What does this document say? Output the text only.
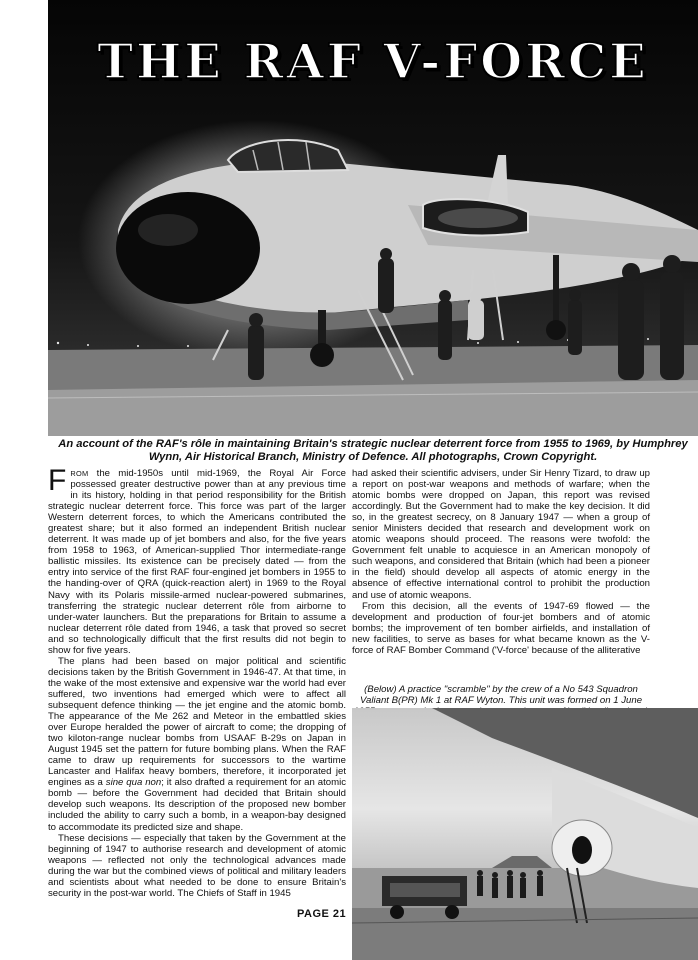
THE RAF V-FORCE
An account of the RAF's rôle in maintaining Britain's strategic nuclear deterrent force from 1955 to 1969, by Humphrey Wynn, Air Historical Branch, Ministry of Defence. All photographs, Crown Copyright.

FROM the mid-1950s until mid-1969, the Royal Air Force possessed greater destructive power than at any previous time in its history, holding in that period responsibility for the British strategic nuclear deterrent force. This force was part of the larger Western deterrent forces, to which the Americans contributed the greatest share; but it also formed an independent British nuclear deterrent. It was made up of jet bombers and also, for the five years from 1958 to 1963, of American-supplied Thor intermediate-range ballistic missiles. Its existence can be precisely dated — from the entry into service of the first RAF four-engined jet bombers in 1955 to the handing-over of QRA (quick-reaction alert) in 1969 to the Royal Navy with its Polaris missile-armed nuclear-powered submarines, transferring the strategic nuclear deterrent rôle from airborne to under-water launchers. But the preparations for Britain to assume a nuclear deterrent rôle dated from 1946, a task that proved so secret and so technologically difficult that the first results did not begin to show for five years.

The plans had been based on major political and scientific decisions taken by the British Government in 1946-47. At that time, in the wake of the most extensive and expensive war the world had ever suffered, two inventions had emerged which were to affect all subsequent defence thinking — the jet engine and the atomic bomb. The appearance of the Me 262 and Meteor in the embattled skies over Europe heralded the power of aircraft to come; the dropping of two kiloton-range nuclear bombs from USAAF B-29s on Japan in August 1945 set the pattern for future bombing plans. When the RAF came to draw up requirements for successors to the wartime Lancaster and Halifax heavy bombers, therefore, it incorporated jet engines as a sine qua non; it also drafted a requirement for an atomic bomb — before the Government had decided that Britain should develop such weapons. Its description of the proposed new bomber included the ability to carry such a bomb, in a weapon-bay designed to accommodate its predicted size and shape.

These decisions — especially that taken by the Government at the beginning of 1947 to authorise research and development of atomic weapons — reflected not only the technological advances made during the war but the combined views of political and military leaders and scientists about what needed to be done to ensure Britain's security in the post-war world. The Chiefs of Staff in 1945

had asked their scientific advisers, under Sir Henry Tizard, to draw up a report on post-war weapons and methods of warfare; when the atomic bombs were dropped on Japan, this report was revised accordingly. But the Government had to make the key decision. It did so, in the greatest secrecy, on 8 January 1947 — when a group of senior Ministers decided that research and development work on atomic weapons should proceed. The reasons were twofold: the Government felt unable to acquiesce in an American monopoly of such weapons, and considered that Britain (which had been a pioneer in the field) should develop all aspects of atomic energy in the absence of effective international control to prohibit the production and use of atomic weapons.

From this decision, all the events of 1947-69 flowed — the development and production of four-jet bombers and of atomic bombs; the improvement of ten bomber airfields, and installation of new facilities, to serve as bases for what became known as the V-force of RAF Bomber Command ('V-force' because of the alliterative

(Below) A practice "scramble" by the crew of a No 543 Squadron Valiant B(PR) Mk 1 at RAF Wyton. This unit was formed on 1 June
PAGE 21
